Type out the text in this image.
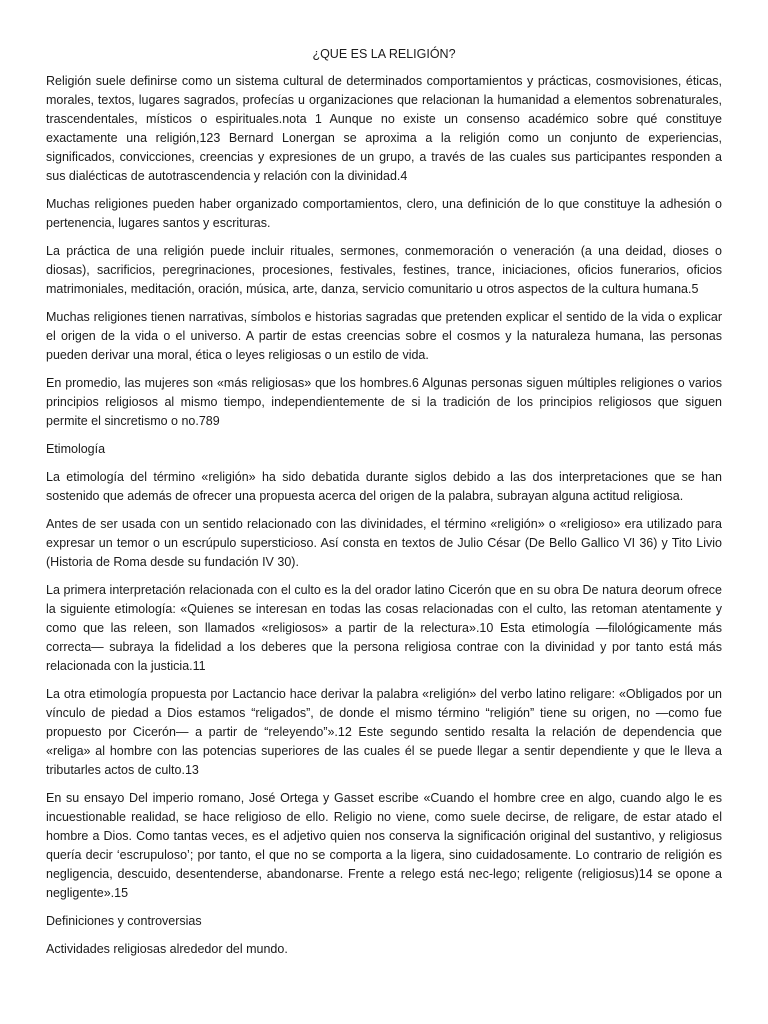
¿QUE ES LA RELIGIÓN?

Religión suele definirse como un sistema cultural de determinados comportamientos y prácticas, cosmovisiones, éticas, morales, textos, lugares sagrados, profecías u organizaciones que relacionan la humanidad a elementos sobrenaturales, trascendentales, místicos o espirituales.nota 1 Aunque no existe un consenso académico sobre qué constituye exactamente una religión,123 Bernard Lonergan se aproxima a la religión como un conjunto de experiencias, significados, convicciones, creencias y expresiones de un grupo, a través de las cuales sus participantes responden a sus dialécticas de autotrascendencia y relación con la divinidad.4

Muchas religiones pueden haber organizado comportamientos, clero, una definición de lo que constituye la adhesión o pertenencia, lugares santos y escrituras.

La práctica de una religión puede incluir rituales, sermones, conmemoración o veneración (a una deidad, dioses o diosas), sacrificios, peregrinaciones, procesiones, festivales, festines, trance, iniciaciones, oficios funerarios, oficios matrimoniales, meditación, oración, música, arte, danza, servicio comunitario u otros aspectos de la cultura humana.5

Muchas religiones tienen narrativas, símbolos e historias sagradas que pretenden explicar el sentido de la vida o explicar el origen de la vida o el universo. A partir de estas creencias sobre el cosmos y la naturaleza humana, las personas pueden derivar una moral, ética o leyes religiosas o un estilo de vida.

En promedio, las mujeres son «más religiosas» que los hombres.6 Algunas personas siguen múltiples religiones o varios principios religiosos al mismo tiempo, independientemente de si la tradición de los principios religiosos que siguen permite el sincretismo o no.789

Etimología

La etimología del término «religión» ha sido debatida durante siglos debido a las dos interpretaciones que se han sostenido que además de ofrecer una propuesta acerca del origen de la palabra, subrayan alguna actitud religiosa.

Antes de ser usada con un sentido relacionado con las divinidades, el término «religión» o «religioso» era utilizado para expresar un temor o un escrúpulo supersticioso. Así consta en textos de Julio César (De Bello Gallico VI 36) y Tito Livio (Historia de Roma desde su fundación IV 30).

La primera interpretación relacionada con el culto es la del orador latino Cicerón que en su obra De natura deorum ofrece la siguiente etimología: «Quienes se interesan en todas las cosas relacionadas con el culto, las retoman atentamente y como que las releen, son llamados «religiosos» a partir de la relectura».10 Esta etimología —filológicamente más correcta— subraya la fidelidad a los deberes que la persona religiosa contrae con la divinidad y por tanto está más relacionada con la justicia.11

La otra etimología propuesta por Lactancio hace derivar la palabra «religión» del verbo latino religare: «Obligados por un vínculo de piedad a Dios estamos “religados”, de donde el mismo término “religión” tiene su origen, no —como fue propuesto por Cicerón— a partir de “releyendo”».12 Este segundo sentido resalta la relación de dependencia que «religa» al hombre con las potencias superiores de las cuales él se puede llegar a sentir dependiente y que le lleva a tributarles actos de culto.13

En su ensayo Del imperio romano, José Ortega y Gasset escribe «Cuando el hombre cree en algo, cuando algo le es incuestionable realidad, se hace religioso de ello. Religio no viene, como suele decirse, de religare, de estar atado el hombre a Dios. Como tantas veces, es el adjetivo quien nos conserva la significación original del sustantivo, y religiosus quería decir ‘escrupuloso’; por tanto, el que no se comporta a la ligera, sino cuidadosamente. Lo contrario de religión es negligencia, descuido, desentenderse, abandonarse. Frente a relego está nec-lego; religente (religiosus)14 se opone a negligente».15

Definiciones y controversias

Actividades religiosas alrededor del mundo.
